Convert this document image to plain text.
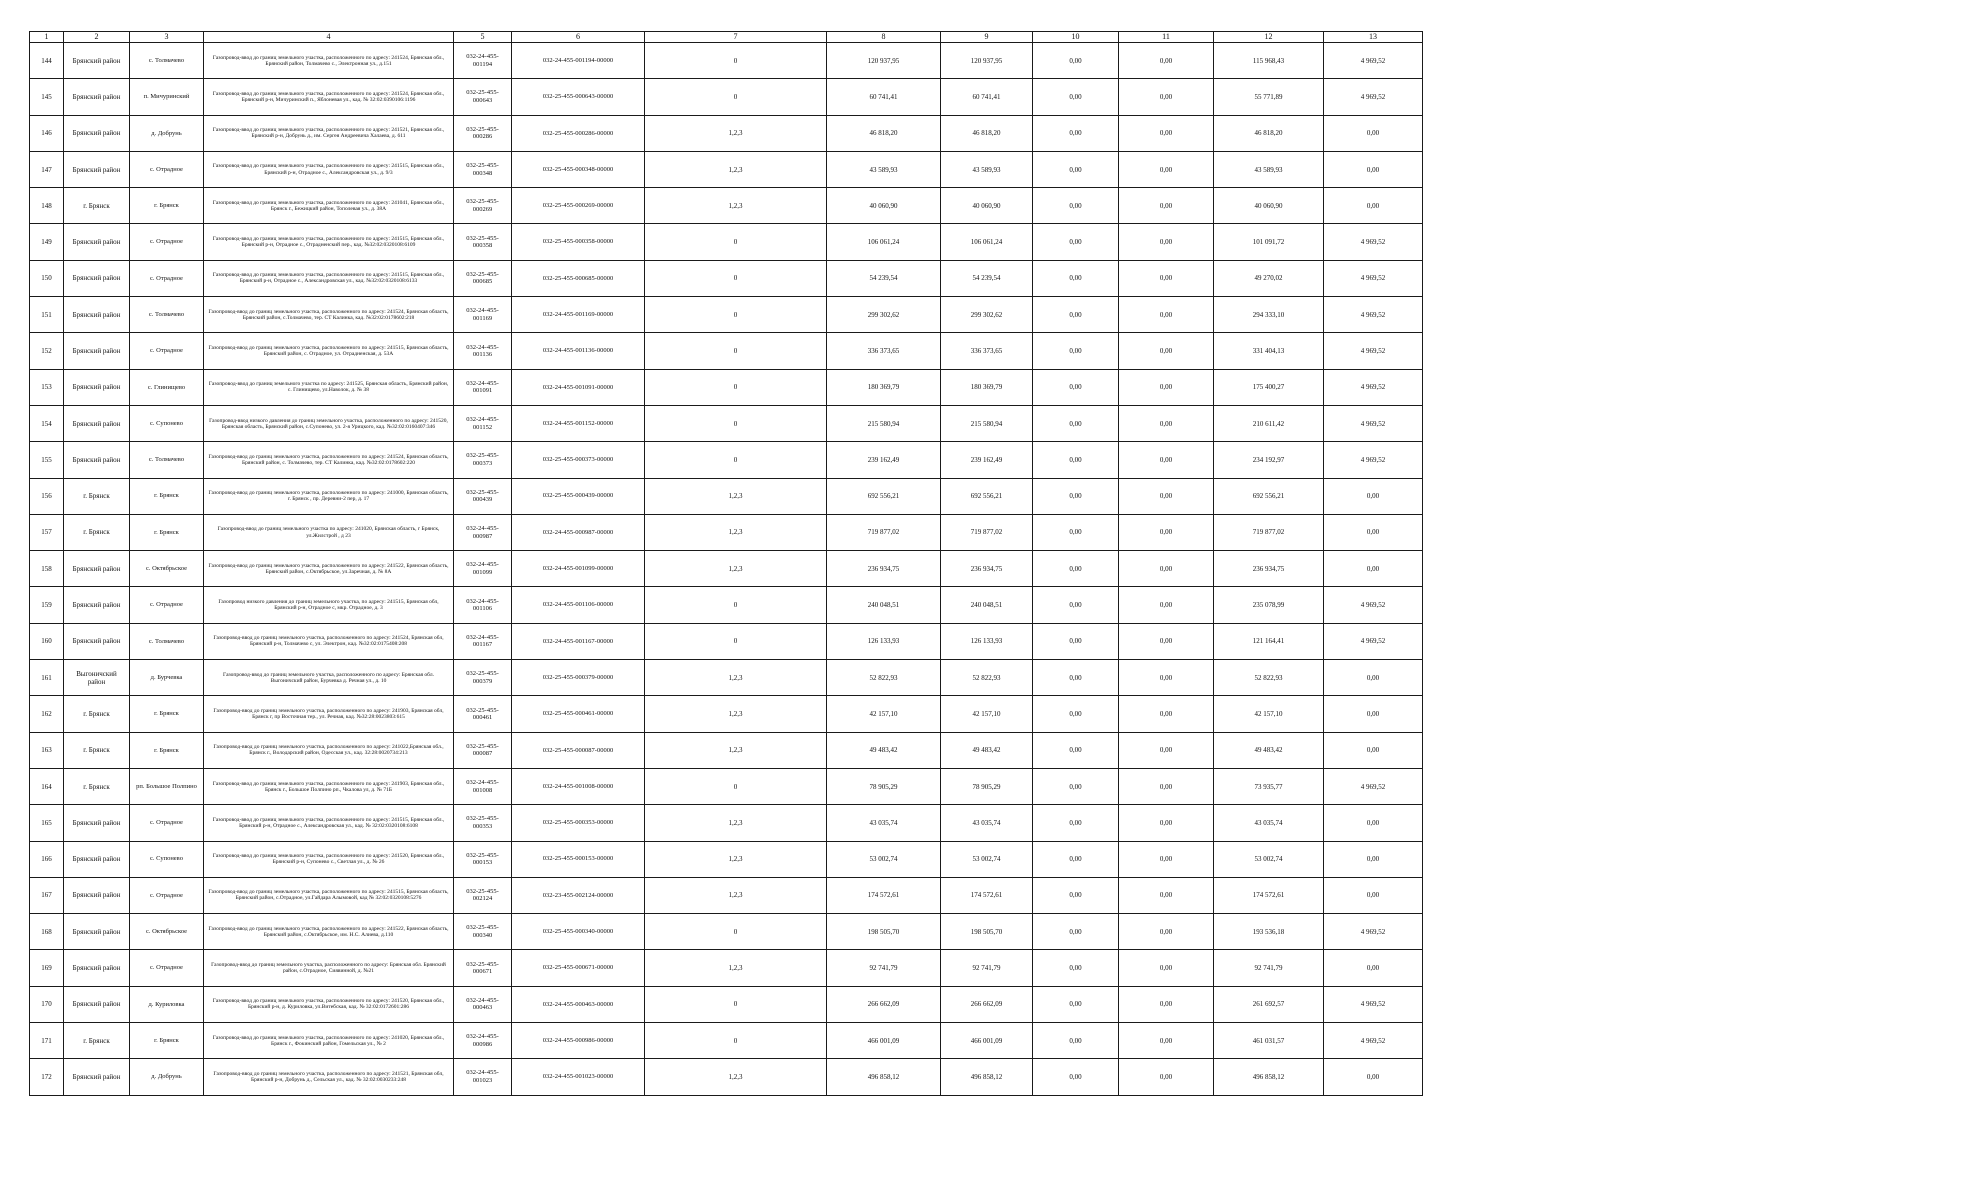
1	2	3	4	5	6	7	8	9	10	11	12	13
144	Брянский район	с. Толмачево	Газопровод-ввод до границ земельного участка, расположенного по адресу: 241524, Брянская обл., Брянский район, Толмачево с., Электронная ул., д.151	032-24-455-001194	032-24-455-001194-00000	0	120 937,95	120 937,95	0,00	0,00	115 968,43	4 969,52
145	Брянский район	п. Мичуринский	Газопровод-ввод до границ земельного участка, расположенного по адресу: 241524, Брянская обл., Брянский р-н, Мичуринский п., Яблоневая ул., кад. № 32:02:0390106:1196	032-25-455-000643	032-25-455-000643-00000	0	60 741,41	60 741,41	0,00	0,00	55 771,89	4 969,52
146	Брянский район	д. Добрунь	Газопровод-ввод до границ земельного участка, расположенного по адресу: 241521, Брянская обл., Брянский р-н, Добрунь д., им. Сергея Андреевича Халаева, д. 611	032-25-455-000286	032-25-455-000286-00000	1,2,3	46 818,20	46 818,20	0,00	0,00	46 818,20	0,00
147	Брянский район	с. Отрадное	Газопровод-ввод до границ земельного участка, расположенного по адресу: 241515, Брянская обл., Брянский р-н, Отрадное с., Александровская ул., д. 9/3	032-25-455-000348	032-25-455-000348-00000	1,2,3	43 589,93	43 589,93	0,00	0,00	43 589,93	0,00
148	г. Брянск	г. Брянск	Газопровод-ввод до границ земельного участка, расположенного по адресу: 241041, Брянская обл., Брянск г., Бежицкий район, Тополевая ул., д. 38А	032-25-455-000269	032-25-455-000269-00000	1,2,3	40 060,90	40 060,90	0,00	0,00	40 060,90	0,00
149	Брянский район	с. Отрадное	Газопровод-ввод до границ земельного участка, расположенного по адресу: 241515, Брянская обл., Брянский р-н, Отрадное с., Отрадненский пер., кад. №32:02:0320108:6109	032-25-455-000358	032-25-455-000358-00000	0	106 061,24	106 061,24	0,00	0,00	101 091,72	4 969,52
150	Брянский район	с. Отрадное	Газопровод-ввод до границ земельного участка, расположенного по адресу: 241515, Брянская обл., Брянский р-н, Отрадное с., Александровская ул., кад. №32:02:0320108:6133	032-25-455-000685	032-25-455-000685-00000	0	54 239,54	54 239,54	0,00	0,00	49 270,02	4 969,52
151	Брянский район	с. Толмачево	Газопровод-ввод до границ земельного участка, расположенного по адресу: 241524, Брянская область, Брянский район, с.Толмачево, тер. СТ Калинка, кад. №32:02:0178602:218	032-24-455-001169	032-24-455-001169-00000	0	299 302,62	299 302,62	0,00	0,00	294 333,10	4 969,52
152	Брянский район	с. Отрадное	Газопровод-ввод до границ земельного участка, расположенного по адресу: 241515, Брянская область, Брянский район, с. Отрадное, ул. Отрадненская, д. 53А	032-24-455-001136	032-24-455-001136-00000	0	336 373,65	336 373,65	0,00	0,00	331 404,13	4 969,52
153	Брянский район	с. Глинищево	Газопровод-ввод до границ земельного участка по адресу: 241525, Брянская область, Брянский район, с. Глинищево, ул.Наволок, д. № 38	032-24-455-001091	032-24-455-001091-00000	0	180 369,79	180 369,79	0,00	0,00	175 400,27	4 969,52
154	Брянский район	с. Супонево	Газопровод-ввод низкого давления до границ земельного участка, расположенного по адресу: 241520, Брянская область, Брянский район, с.Супонево, ул. 2-я Урицкого, кад. №32:02:0160407:346	032-24-455-001152	032-24-455-001152-00000	0	215 580,94	215 580,94	0,00	0,00	210 611,42	4 969,52
155	Брянский район	с. Толмачево	Газопровод-ввод до границ земельного участка, расположенного по адресу: 241524, Брянская область, Брянский район, с. Толмачево, тер. СТ Калинка, кад. №32:02:0178602:220	032-25-455-000373	032-25-455-000373-00000	0	239 162,49	239 162,49	0,00	0,00	234 192,97	4 969,52
156	г. Брянск	г. Брянск	Газопровод-ввод до границ земельного участка, расположенного по адресу: 241000, Брянская область, г. Брянск , пр. Деревни-2 пер, д. 17	032-25-455-000439	032-25-455-000439-00000	1,2,3	692 556,21	692 556,21	0,00	0,00	692 556,21	0,00
157	г. Брянск	г. Брянск	Газопровод-ввод до границ земельного участка по адресу: 241020, Брянская область, г Брянск, ул.Жилстрой , д 23	032-24-455-000987	032-24-455-000987-00000	1,2,3	719 877,02	719 877,02	0,00	0,00	719 877,02	0,00
158	Брянский район	с. Октябрьское	Газопровод-ввод до границ земельного участка, расположенного по адресу: 241522, Брянская область, Брянский район, с.Октябрьское, ул.Заречная, д. № 8А	032-24-455-001099	032-24-455-001099-00000	1,2,3	236 934,75	236 934,75	0,00	0,00	236 934,75	0,00
159	Брянский район	с. Отрадное	Газопровод низкого давления до границ земельного участка, по адресу: 241515, Брянская обл, Брянский р-н, Отрадное с, мкр. Отрадное, д. 3	032-24-455-001106	032-24-455-001106-00000	0	240 048,51	240 048,51	0,00	0,00	235 078,99	4 969,52
160	Брянский район	с. Толмачево	Газопровод-ввод до границ земельного участка, расположенного по адресу: 241524, Брянская обл, Брянский р-н, Толмачево с, ул. Электрон, кад. №32:02:0175408:208	032-24-455-001167	032-24-455-001167-00000	0	126 133,93	126 133,93	0,00	0,00	121 164,41	4 969,52
161	Выгоничский район	д. Бурчевка	Газопровод-ввод до границ земельного участка, расположенного по адресу: Брянская обл. Выгоничский район, Бурчевка д. Речная ул., д. 10	032-25-455-000379	032-25-455-000379-00000	1,2,3	52 822,93	52 822,93	0,00	0,00	52 822,93	0,00
162	г. Брянск	г. Брянск	Газопровод-ввод до границ земельного участка, расположенного по адресу: 241903, Брянская обл, Брянск г, пр Восточная тер., ул. Речная, кад. №32:28:0023803:615	032-25-455-000461	032-25-455-000461-00000	1,2,3	42 157,10	42 157,10	0,00	0,00	42 157,10	0,00
163	г. Брянск	г. Брянск	Газопровод-ввод до границ земельного участка, расположенного по адресу: 241022,Брянская обл., Брянск г., Володарский район, Одесская ул., кад. 32:28:0020734:213	032-25-455-000087	032-25-455-000087-00000	1,2,3	49 483,42	49 483,42	0,00	0,00	49 483,42	0,00
164	г. Брянск	рп. Большое Полпино	Газопровод-ввод до границ земельного участка, расположенного по адресу: 241903, Брянская обл., Брянск г., Большое Полпино рп., Чкалова ул, д. № 71Б	032-24-455-001008	032-24-455-001008-00000	0	78 905,29	78 905,29	0,00	0,00	73 935,77	4 969,52
165	Брянский район	с. Отрадное	Газопровод-ввод до границ земельного участка, расположенного по адресу: 241515, Брянская обл., Брянский р-н, Отрадное с., Александровская ул., кад. № 32:02:0320108:6108	032-25-455-000353	032-25-455-000353-00000	1,2,3	43 035,74	43 035,74	0,00	0,00	43 035,74	0,00
166	Брянский район	с. Супонево	Газопровод-ввод до границ земельного участка, расположенного по адресу: 241520, Брянская обл., Брянский р-н, Супонево с., Светлая ул., д. № 26	032-25-455-000153	032-25-455-000153-00000	1,2,3	53 002,74	53 002,74	0,00	0,00	53 002,74	0,00
167	Брянский район	с. Отрадное	Газопровод-ввод до границ земельного участка, расположенного по адресу: 241515, Брянская область, Брянский район, с.Отрадное, ул.Гайдара Алымовой, кад № 32:02:0320108:5276	032-25-455-002124	032-23-455-002124-00000	1,2,3	174 572,61	174 572,61	0,00	0,00	174 572,61	0,00
168	Брянский район	с. Октябрьское	Газопровод-ввод до границ земельного участка, расположенного по адресу: 241522, Брянская область, Брянский район, с.Октябрьское, им. Н.С. Алиева, д.110	032-25-455-000340	032-25-455-000340-00000	0	198 505,70	198 505,70	0,00	0,00	193 536,18	4 969,52
169	Брянский район	с. Отрадное	Газопровод-ввод до границ земельного участка, расположенного по адресу: Брянская обл. Брянский район, с.Отрадное, Сиявинной, д. №21	032-25-455-000671	032-25-455-000671-00000	1,2,3	92 741,79	92 741,79	0,00	0,00	92 741,79	0,00
170	Брянский район	д. Куриловка	Газопровод-ввод до границ земельного участка, расположенного по адресу: 241520, Брянская обл., Брянский р-н, д. Куриловка, ул.Витебская, кад. № 32:02:0172601:286	032-24-455-000463	032-24-455-000463-00000	0	266 662,09	266 662,09	0,00	0,00	261 692,57	4 969,52
171	г. Брянск	г. Брянск	Газопровод-ввод до границ земельного участка, расположенного по адресу: 241020, Брянская обл., Брянск г., Фокинский район, Гомельская ул., № 2	032-24-455-000986	032-24-455-000986-00000	0	466 001,09	466 001,09	0,00	0,00	461 031,57	4 969,52
172	Брянский район	д. Добрунь	Газопровод-ввод до границ земельного участка, расположенного по адресу: 241521, Брянская обл, Брянский р-н, Добрунь д., Сельская ул., кад. № 32:02:0030233:248	032-24-455-001023	032-24-455-001023-00000	1,2,3	496 858,12	496 858,12	0,00	0,00	496 858,12	0,00
